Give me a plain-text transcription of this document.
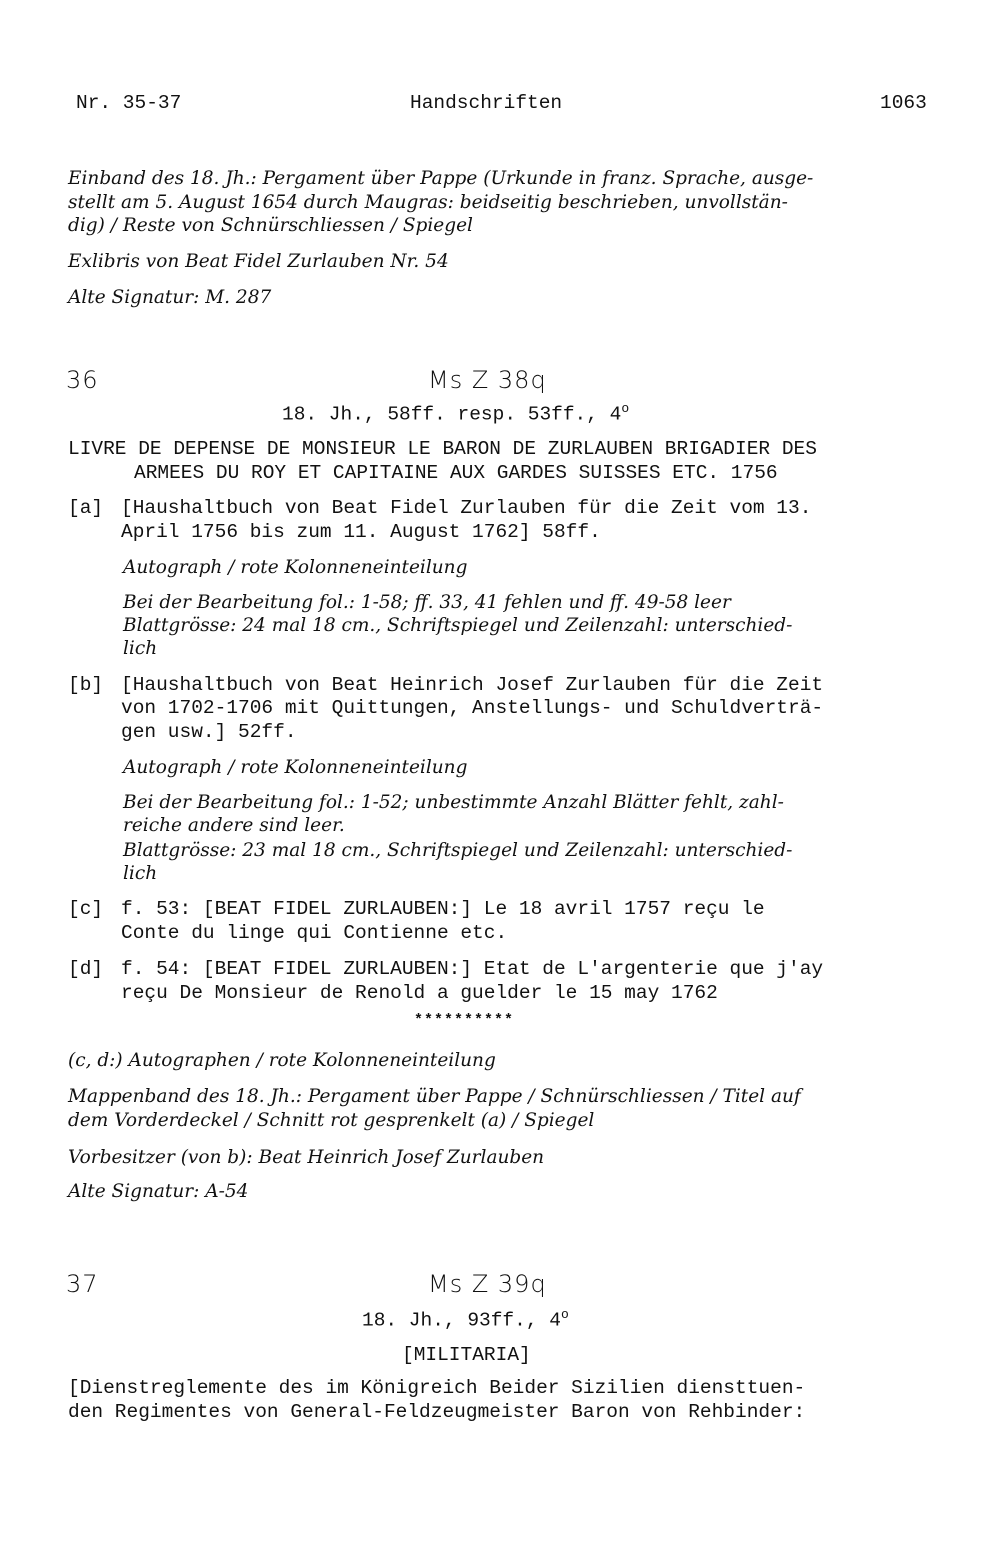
Nr. 35-37	Handschriften	1063

Einband des 18. Jh.: Pergament über Pappe (Urkunde in franz. Sprache, ausge-

stellt am 5. August 1654 durch Maugras: beidseitig beschrieben, unvollstän-

dig) / Reste von Schnürschliessen / Spiegel

Exlibris von Beat Fidel Zurlauben Nr. 54

Alte Signatur: M. 287

36	Ms Z 38q

18. Jh., 58ff. resp. 53ff., 4$^o$

LIVRE DE DEPENSE DE MONSIEUR LE BARON DE ZURLAUBEN BRIGADIER DES

ARMEES DU ROY ET CAPITAINE AUX GARDES SUISSES ETC. 1756

[a] [Haushaltbuch von Beat Fidel Zurlauben für die Zeit vom 13.

April 1756 bis zum 11. August 1762] 58ff.

Autograph / rote Kolonneneinteilung

Bei der Bearbeitung fol.: 1-58; ff. 33, 41 fehlen und ff. 49-58 leer

Blattgrösse: 24 mal 18 cm., Schriftspiegel und Zeilenzahl: unterschied-

lich

[b] [Haushaltbuch von Beat Heinrich Josef Zurlauben für die Zeit

von 1702-1706 mit Quittungen, Anstellungs- und Schuldverträ-

gen usw.] 52ff.

Autograph / rote Kolonneneinteilung

Bei der Bearbeitung fol.: 1-52; unbestimmte Anzahl Blätter fehlt, zahl-

reiche andere sind leer.

Blattgrösse: 23 mal 18 cm., Schriftspiegel und Zeilenzahl: unterschied-

lich

[c] f. 53: [BEAT FIDEL ZURLAUBEN:] Le 18 avril 1757 reçu le

Conte du linge qui Contienne etc.

[d] f. 54: [BEAT FIDEL ZURLAUBEN:] Etat de L'argenterie que j'ay

reçu De Monsieur de Renold a guelder le 15 may 1762

**********

(c, d:) Autographen / rote Kolonneneinteilung

Mappenband des 18. Jh.: Pergament über Pappe / Schnürschliessen / Titel auf

dem Vorderdeckel / Schnitt rot gesprenkelt (a) / Spiegel

Vorbesitzer (von b): Beat Heinrich Josef Zurlauben

Alte Signatur: A-54

37	Ms Z 39q

18. Jh., 93ff., 4$^o$

[MILITARIA]

[Dienstreglemente des im Königreich Beider Sizilien diensttuen-

den Regimentes von General-Feldzeugmeister Baron von Rehbinder:
